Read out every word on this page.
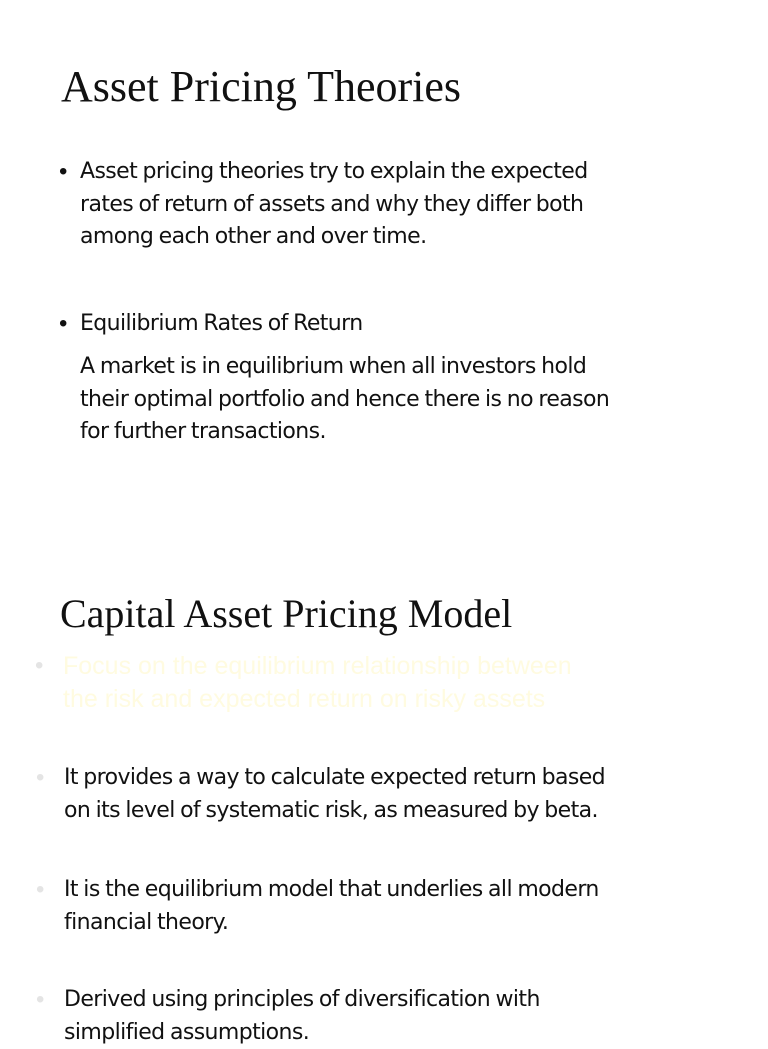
Asset Pricing Theories
• Asset pricing theories try to explain the expected
rates of return of assets and why they differ both
among each other and over time.
• Equilibrium Rates of Return
A market is in equilibrium when all investors hold
their optimal portfolio and hence there is no reason
for further transactions.
Capital Asset Pricing Model
• Focus on the equilibrium relationship between
the risk and expected return on risky assets
• It provides a way to calculate expected return based
on its level of systematic risk, as measured by beta.
• It is the equilibrium model that underlies all modern
financial theory.
• Derived using principles of diversification with
simplified assumptions.
